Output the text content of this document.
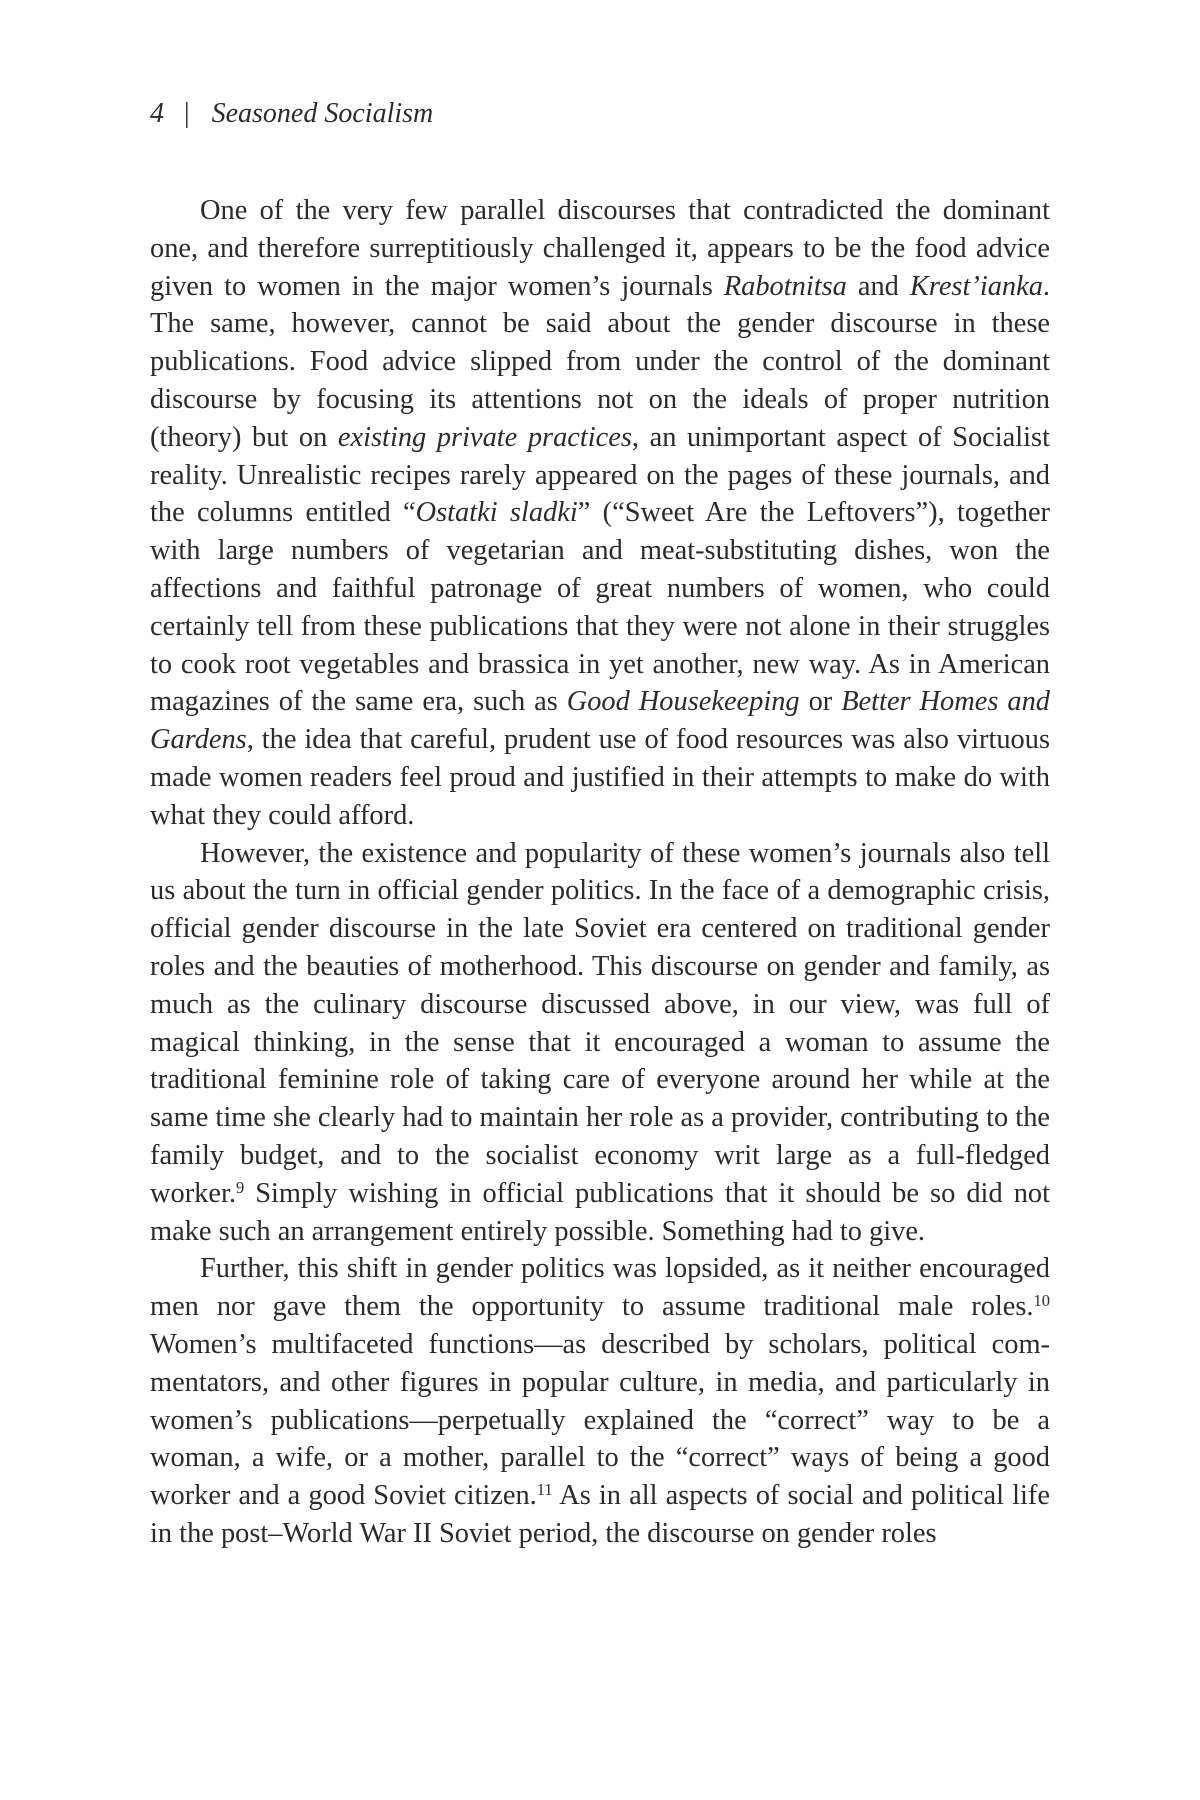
4 | Seasoned Socialism

One of the very few parallel discourses that contradicted the dominant one, and therefore surreptitiously challenged it, appears to be the food advice given to women in the major women’s journals Rabotnitsa and Krest’ianka. The same, however, cannot be said about the gender discourse in these publications. Food advice slipped from under the control of the dominant discourse by focusing its attentions not on the ideals of proper nutrition (theory) but on existing private practices, an unimportant aspect of Socialist reality. Unrealistic recipes rarely appeared on the pages of these journals, and the columns entitled “Ostatki sladki” (“Sweet Are the Leftovers”), together with large numbers of vegetarian and meat-substituting dishes, won the affections and faithful patronage of great numbers of women, who could certainly tell from these publications that they were not alone in their struggles to cook root vegetables and brassica in yet another, new way. As in American magazines of the same era, such as Good Housekeeping or Better Homes and Gardens, the idea that careful, prudent use of food resources was also virtuous made women readers feel proud and justified in their attempts to make do with what they could afford.

However, the existence and popularity of these women’s journals also tell us about the turn in official gender politics. In the face of a demographic crisis, official gender discourse in the late Soviet era centered on traditional gender roles and the beauties of motherhood. This discourse on gender and family, as much as the culinary discourse discussed above, in our view, was full of magical thinking, in the sense that it encouraged a woman to assume the traditional feminine role of taking care of everyone around her while at the same time she clearly had to maintain her role as a provider, contributing to the family budget, and to the socialist economy writ large as a full-fledged worker.$^9$ Simply wishing in official publications that it should be so did not make such an arrangement entirely possible. Something had to give.

Further, this shift in gender politics was lopsided, as it neither encouraged men nor gave them the opportunity to assume traditional male roles.$^{10}$ Women’s multifaceted functions—as described by scholars, political commentators, and other figures in popular culture, in media, and particularly in women’s publications—perpetually explained the “correct” way to be a woman, a wife, or a mother, parallel to the “correct” ways of being a good worker and a good Soviet citizen.$^{11}$ As in all aspects of social and political life in the post–World War II Soviet period, the discourse on gender roles
